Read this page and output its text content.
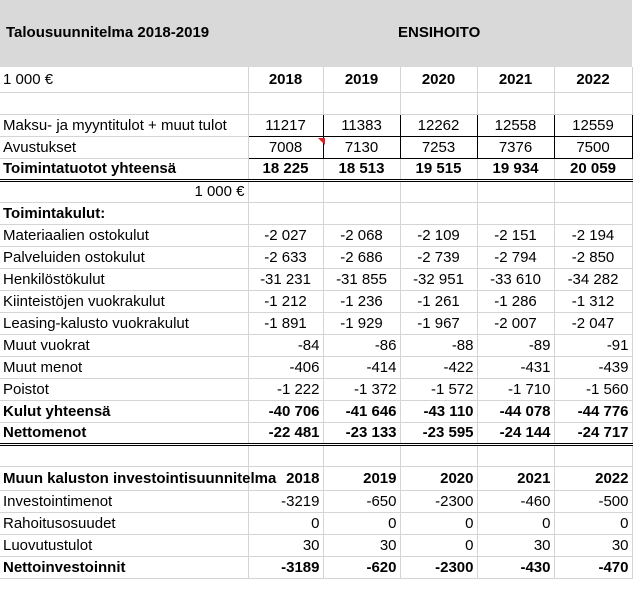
Talousuunnitelma 2018-2019	ENSIHOITO
1 000 €	2018	2019	2020	2021	2022

Maksu- ja myyntitulot + muut tulot	11217	11383	12262	12558	12559
Avustukset	7008	7130	7253	7376	7500
Toimintatuotot yhteensä	18 225	18 513	19 515	19 934	20 059
1 000 €					
Toimintakulut:					
Materiaalien ostokulut	-2 027	-2 068	-2 109	-2 151	-2 194
Palveluiden ostokulut	-2 633	-2 686	-2 739	-2 794	-2 850
Henkilöstökulut	-31 231	-31 855	-32 951	-33 610	-34 282
Kiinteistöjen vuokrakulut	-1 212	-1 236	-1 261	-1 286	-1 312
Leasing-kalusto vuokrakulut	-1 891	-1 929	-1 967	-2 007	-2 047
Muut vuokrat	-84	-86	-88	-89	-91
Muut menot	-406	-414	-422	-431	-439
Poistot	-1 222	-1 372	-1 572	-1 710	-1 560
Kulut yhteensä	-40 706	-41 646	-43 110	-44 078	-44 776
Nettomenot	-22 481	-23 133	-23 595	-24 144	-24 717

Muun kaluston investointisuunnitelma	2018	2019	2020	2021	2022
Investointimenot	-3219	-650	-2300	-460	-500
Rahoitusosuudet	0	0	0	0	0
Luovutustulot	30	30	0	30	30
Nettoinvestoinnit	-3189	-620	-2300	-430	-470
